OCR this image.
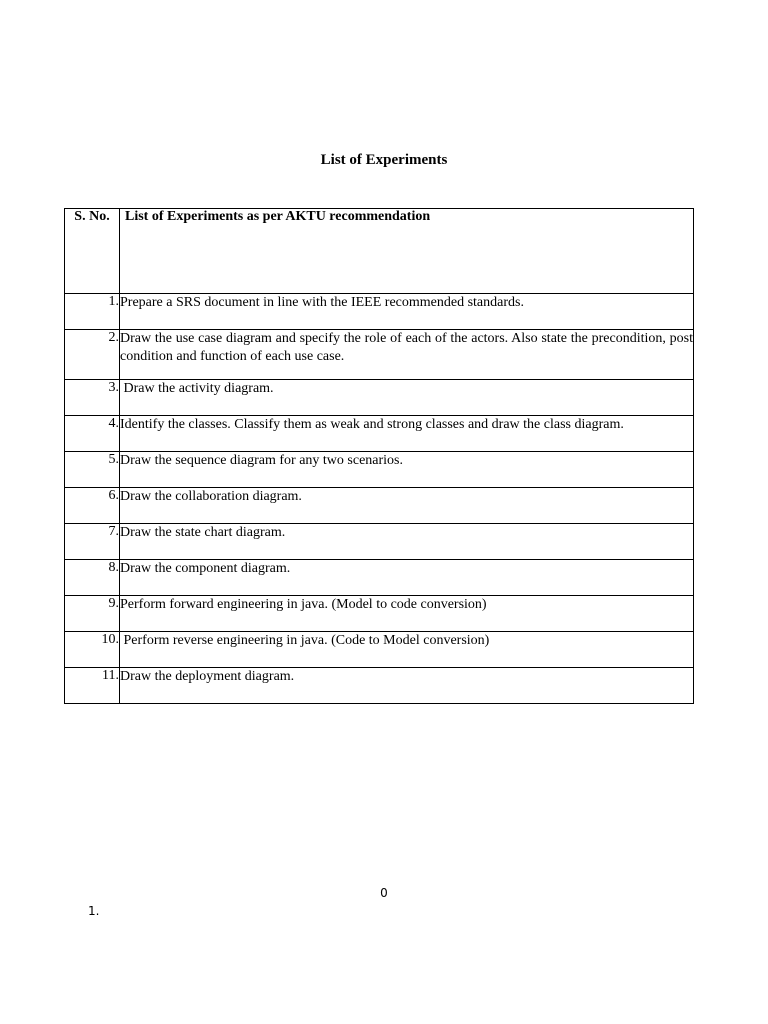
List of Experiments
S. No.	List of Experiments as per AKTU recommendation
1.	Prepare a SRS document in line with the IEEE recommended standards.
2.	Draw the use case diagram and specify the role of each of the actors. Also state the precondition, post condition and function of each use case.
3.	Draw the activity diagram.
4.	Identify the classes. Classify them as weak and strong classes and draw the class diagram.
5.	Draw the sequence diagram for any two scenarios.
6.	Draw the collaboration diagram.
7.	Draw the state chart diagram.
8.	Draw the component diagram.
9.	Perform forward engineering in java. (Model to code conversion)
10.	Perform reverse engineering in java. (Code to Model conversion)
11.	Draw the deployment diagram.
0
1.
